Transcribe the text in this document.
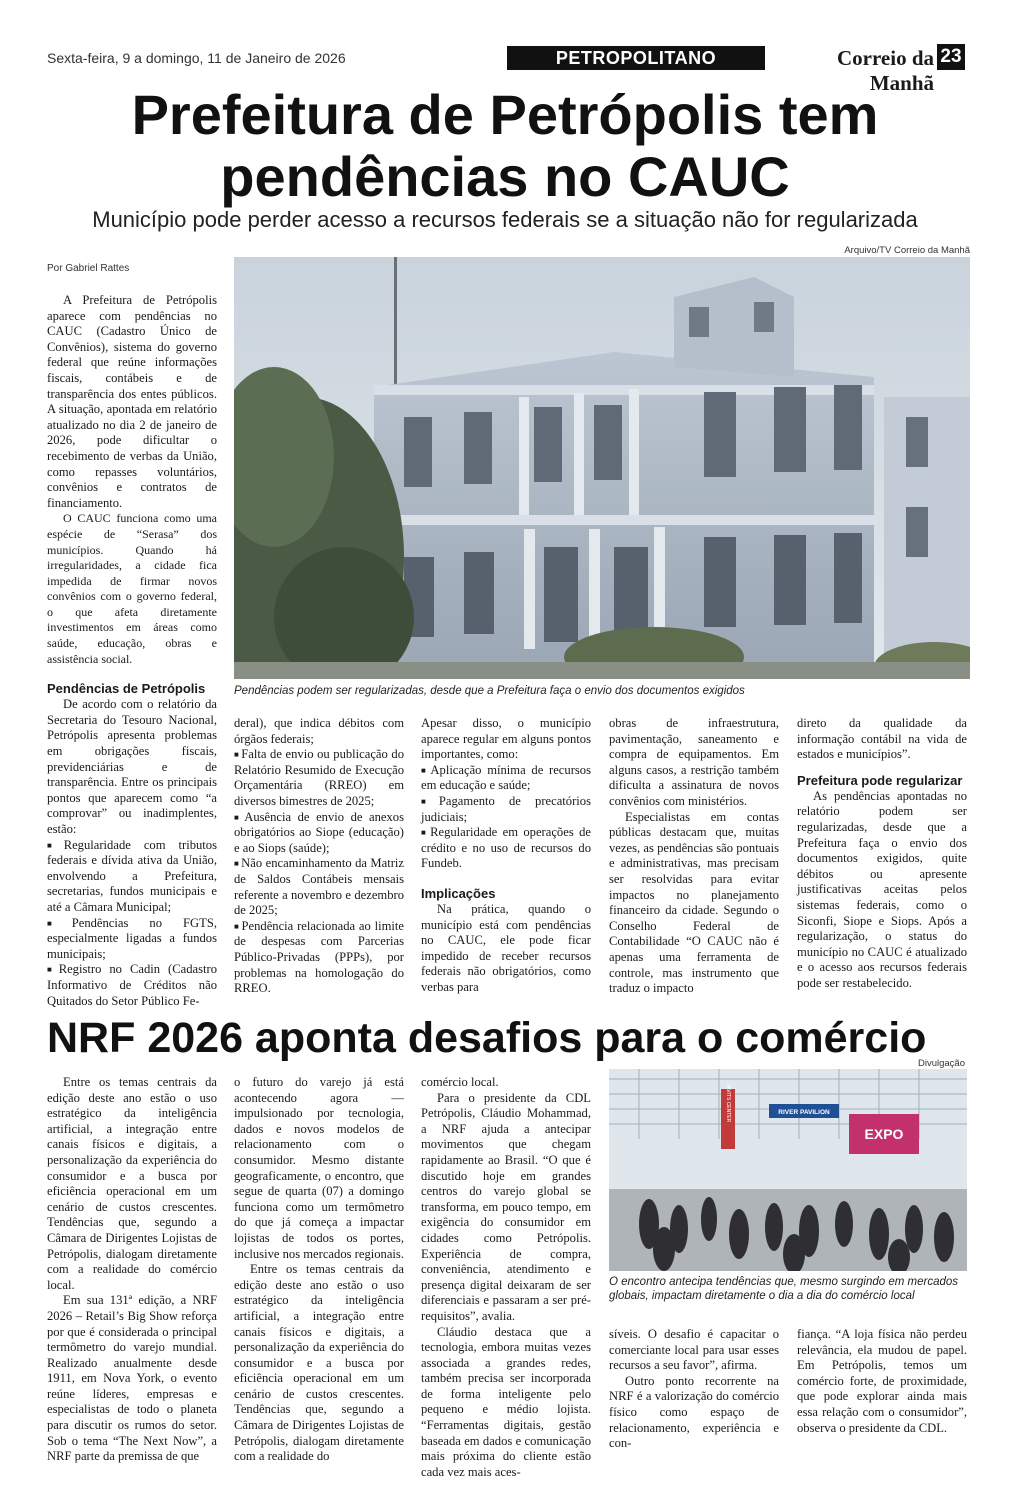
Sexta-feira, 9 a domingo, 11 de Janeiro de 2026	PETROPOLITANO	Correio da Manhã
23
Prefeitura de Petrópolis tem
pendências no CAUC
Município pode perder acesso a recursos federais se a situação não for regularizada
Arquivo/TV Correio da Manhã
Por Gabriel Rattes

A Prefeitura de Petrópolis aparece com pendências no CAUC (Cadastro Único de Convênios), sistema do governo federal que reúne informações fiscais, contábeis e de transparência dos entes públicos. A situação, apontada em relatório atualizado no dia 2 de janeiro de 2026, pode dificultar o recebimento de verbas da União, como repasses voluntários, convênios e contratos de financiamento.

O CAUC funciona como uma espécie de “Serasa” dos municípios. Quando há irregularidades, a cidade fica impedida de firmar novos convênios com o governo federal, o que afeta diretamente investimentos em áreas como saúde, educação, obras e assistência social.

Pendências de Petrópolis

De acordo com o relatório da Secretaria do Tesouro Nacional, Petrópolis apresenta problemas em obrigações fiscais, previdenciárias e de transparência. Entre os principais pontos que aparecem como “a comprovar” ou inadimplentes, estão:

■ Regularidade com tributos federais e dívida ativa da União, envolvendo a Prefeitura, secretarias, fundos municipais e até a Câmara Municipal;

■ Pendências no FGTS, especialmente ligadas a fundos municipais;

■ Registro no Cadin (Cadastro Informativo de Créditos não Quitados do Setor Público Fe-

Pendências podem ser regularizadas, desde que a Prefeitura faça o envio dos documentos exigidos

deral), que indica débitos com órgãos federais;

■ Falta de envio ou publicação do Relatório Resumido de Execução Orçamentária (RREO) em diversos bimestres de 2025;

■ Ausência de envio de anexos obrigatórios ao Siope (educação) e ao Siops (saúde);

■ Não encaminhamento da Matriz de Saldos Contábeis mensais referente a novembro e dezembro de 2025;

■ Pendência relacionada ao limite de despesas com Parcerias Público-Privadas (PPPs), por problemas na homologação do RREO.

Apesar disso, o município aparece regular em alguns pontos importantes, como:

■ Aplicação mínima de recursos em educação e saúde;

■ Pagamento de precatórios judiciais;

■ Regularidade em operações de crédito e no uso de recursos do Fundeb.

Implicações

Na prática, quando o município está com pendências no CAUC, ele pode ficar impedido de receber recursos federais não obrigatórios, como verbas para

obras de infraestrutura, pavimentação, saneamento e compra de equipamentos. Em alguns casos, a restrição também dificulta a assinatura de novos convênios com ministérios.

Especialistas em contas públicas destacam que, muitas vezes, as pendências são pontuais e administrativas, mas precisam ser resolvidas para evitar impactos no planejamento financeiro da cidade. Segundo o Conselho Federal de Contabilidade “O CAUC não é apenas uma ferramenta de controle, mas instrumento que traduz o impacto

direto da qualidade da informação contábil na vida de estados e municípios”.

Prefeitura pode regularizar

As pendências apontadas no relatório podem ser regularizadas, desde que a Prefeitura faça o envio dos documentos exigidos, quite débitos ou apresente justificativas aceitas pelos sistemas federais, como o Siconfi, Siope e Siops. Após a regularização, o status do município no CAUC é atualizado e o acesso aos recursos federais pode ser restabelecido.

NRF 2026 aponta desafios para o comércio

Entre os temas centrais da edição deste ano estão o uso estratégico da inteligência artificial, a integração entre canais físicos e digitais, a personalização da experiência do consumidor e a busca por eficiência operacional em um cenário de custos crescentes. Tendências que, segundo a Câmara de Dirigentes Lojistas de Petrópolis, dialogam diretamente com a realidade do comércio local.

Em sua 131ª edição, a NRF 2026 – Retail’s Big Show reforça por que é considerada o principal termômetro do varejo mundial. Realizado anualmente desde 1911, em Nova York, o evento reúne líderes, empresas e especialistas de todo o planeta para discutir os rumos do setor. Sob o tema “The Next Now”, a NRF parte da premissa de que

o futuro do varejo já está acontecendo agora — impulsionado por tecnologia, dados e novos modelos de relacionamento com o consumidor. Mesmo distante geograficamente, o encontro, que segue de quarta (07) a domingo funciona como um termômetro do que já começa a impactar lojistas de todos os portes, inclusive nos mercados regionais.

Entre os temas centrais da edição deste ano estão o uso estratégico da inteligência artificial, a integração entre canais físicos e digitais, a personalização da experiência do consumidor e a busca por eficiência operacional em um cenário de custos crescentes. Tendências que, segundo a Câmara de Dirigentes Lojistas de Petrópolis, dialogam diretamente com a realidade do

comércio local.

Para o presidente da CDL Petrópolis, Cláudio Mohammad, a NRF ajuda a antecipar movimentos que chegam rapidamente ao Brasil. “O que é discutido hoje em grandes centros do varejo global se transforma, em pouco tempo, em exigência do consumidor em cidades como Petrópolis. Experiência de compra, conveniência, atendimento e presença digital deixaram de ser diferenciais e passaram a ser pré-requisitos”, avalia.

Cláudio destaca que a tecnologia, embora muitas vezes associada a grandes redes, também precisa ser incorporada de forma inteligente pelo pequeno e médio lojista. “Ferramentas digitais, gestão baseada em dados e comunicação mais próxima do cliente estão cada vez mais aces-

Divulgação
JAVITS CENTER	RIVER PAVILION
EXPO
O encontro antecipa tendências que, mesmo surgindo em mercados globais, impactam diretamente o dia a dia do comércio local

síveis. O desafio é capacitar o comerciante local para usar esses recursos a seu favor”, afirma.

Outro ponto recorrente na NRF é a valorização do comércio físico como espaço de relacionamento, experiência e con-

fiança. “A loja física não perdeu relevância, ela mudou de papel. Em Petrópolis, temos um comércio forte, de proximidade, que pode explorar ainda mais essa relação com o consumidor”, observa o presidente da CDL.
